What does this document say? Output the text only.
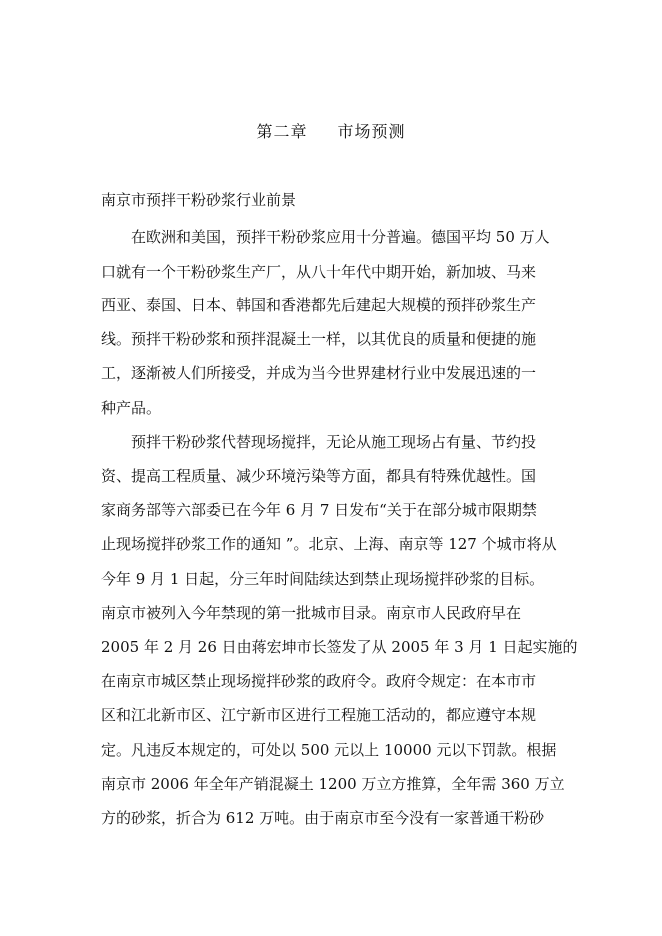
第二章 市场预测
南京市预拌干粉砂浆行业前景
　　在欧洲和美国，预拌干粉砂浆应用十分普遍。德国平均 50 万人
口就有一个干粉砂浆生产厂，从八十年代中期开始，新加坡、马来
西亚、泰国、日本、韩国和香港都先后建起大规模的预拌砂浆生产
线。预拌干粉砂浆和预拌混凝土一样，以其优良的质量和便捷的施
工，逐渐被人们所接受，并成为当今世界建材行业中发展迅速的一
种产品。
　　预拌干粉砂浆代替现场搅拌，无论从施工现场占有量、节约投
资、提高工程质量、减少环境污染等方面，都具有特殊优越性。国
家商务部等六部委已在今年 6 月 7 日发布“关于在部分城市限期禁
止现场搅拌砂浆工作的通知 ”。北京、上海、南京等 127 个城市将从
今年 9 月 1 日起，分三年时间陆续达到禁止现场搅拌砂浆的目标。
南京市被列入今年禁现的第一批城市目录。南京市人民政府早在
2005 年 2 月 26 日由蒋宏坤市长签发了从 2005 年 3 月 1 日起实施的
在南京市城区禁止现场搅拌砂浆的政府令。政府令规定：在本市市
区和江北新市区、江宁新市区进行工程施工活动的，都应遵守本规
定。凡违反本规定的，可处以 500 元以上 10000 元以下罚款。根据
南京市 2006 年全年产销混凝土 1200 万立方推算，全年需 360 万立
方的砂浆，折合为 612 万吨。由于南京市至今没有一家普通干粉砂
